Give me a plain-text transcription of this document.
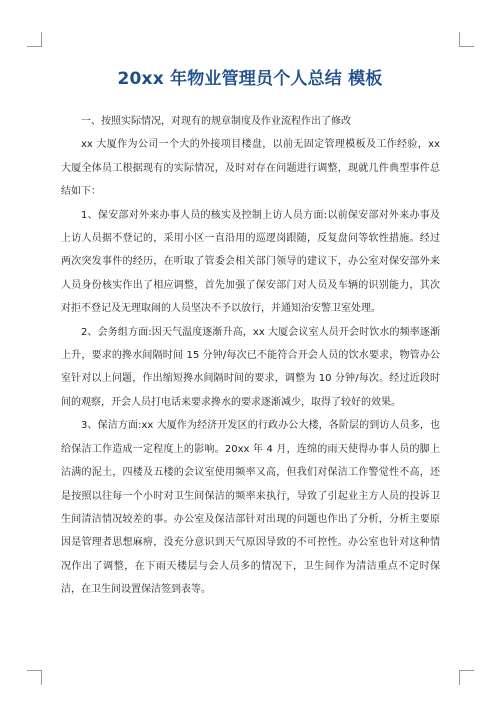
20xx 年物业管理员个人总结 模板

一、按照实际情况，对现有的规章制度及作业流程作出了修改

xx 大厦作为公司一个大的外接项目楼盘，以前无固定管理模板及工作经验，xx 大厦全体员工根据现有的实际情况，及时对存在问题进行调整，现就几件典型事件总结如下：

1、保安部对外来办事人员的核实及控制上访人员方面:以前保安部对外来办事及上访人员据不登记的，采用小区一直沿用的巡逻岗跟随，反复盘问等软性措施。经过两次突发事件的经历，在听取了管委会相关部门领导的建议下，办公室对保安部外来人员身份核实作出了相应调整，首先加强了保安部门对人员及车辆的识别能力，其次对拒不登记及无理取闹的人员坚决不予以放行，并通知治安警卫室处理。

2、会务组方面:因天气温度逐渐升高，xx 大厦会议室人员开会时饮水的频率逐渐上升，要求的搀水间隔时间 15 分钟/每次已不能符合开会人员的饮水要求，物管办公室针对以上问题，作出缩短搀水间隔时间的要求，调整为 10 分钟/每次。经过近段时间的观察，开会人员打电话来要求搀水的要求逐渐减少，取得了较好的效果。

3、保洁方面:xx 大厦作为经济开发区的行政办公大楼，各阶层的到访人员多，也给保洁工作造成一定程度上的影响。20xx 年 4 月，连绵的雨天使得办事人员的脚上沾满的泥土，四楼及五楼的会议室使用频率又高，但我们对保洁工作警觉性不高，还是按照以往每一个小时对卫生间保洁的频率来执行，导致了引起业主方人员的投诉卫生间清洁情况较差的事。办公室及保洁部针对出现的问题也作出了分析，分析主要原因是管理者思想麻痹，没充分意识到天气原因导致的不可控性。办公室也针对这种情况作出了调整，在下雨天楼层与会人员多的情况下，卫生间作为清洁重点不定时保洁，在卫生间设置保洁签到表等。
